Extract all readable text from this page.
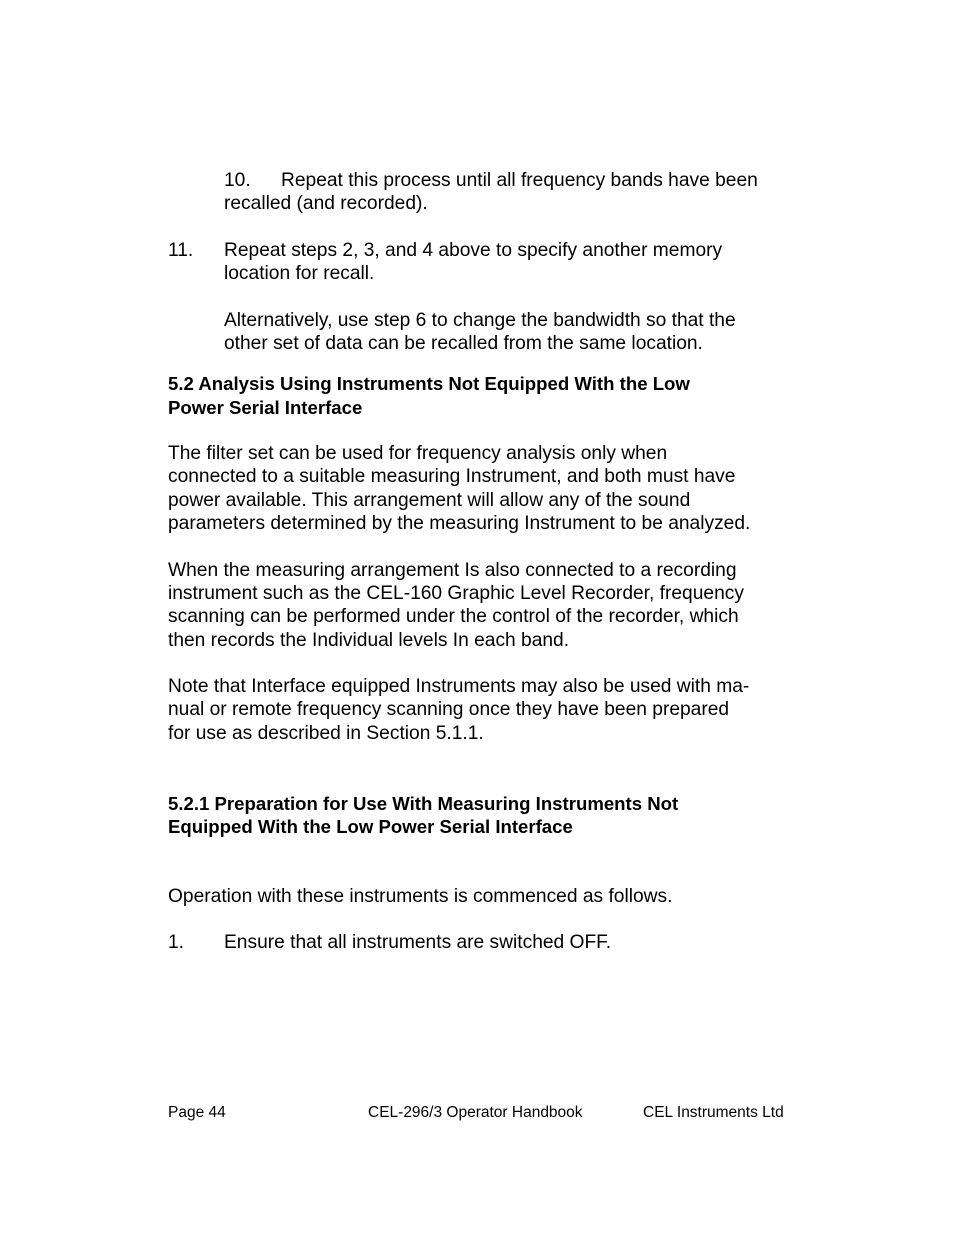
10. Repeat this process until all frequency bands have been
recalled (and recorded).
11. Repeat steps 2, 3, and 4 above to specify another memory
location for recall.
Alternatively, use step 6 to change the bandwidth so that the
other set of data can be recalled from the same location.
5.2 Analysis Using Instruments Not Equipped With the Low
Power Serial Interface
The filter set can be used for frequency analysis only when
connected to a suitable measuring Instrument, and both must have
power available. This arrangement will allow any of the sound
parameters determined by the measuring Instrument to be analyzed.
When the measuring arrangement Is also connected to a recording
instrument such as the CEL-160 Graphic Level Recorder, frequency
scanning can be performed under the control of the recorder, which
then records the Individual levels In each band.
Note that Interface equipped Instruments may also be used with ma-
nual or remote frequency scanning once they have been prepared
for use as described in Section 5.1.1.
5.2.1 Preparation for Use With Measuring Instruments Not
Equipped With the Low Power Serial Interface
Operation with these instruments is commenced as follows.
1. Ensure that all instruments are switched OFF.
Page 44	CEL-296/3 Operator Handbook	CEL Instruments Ltd
